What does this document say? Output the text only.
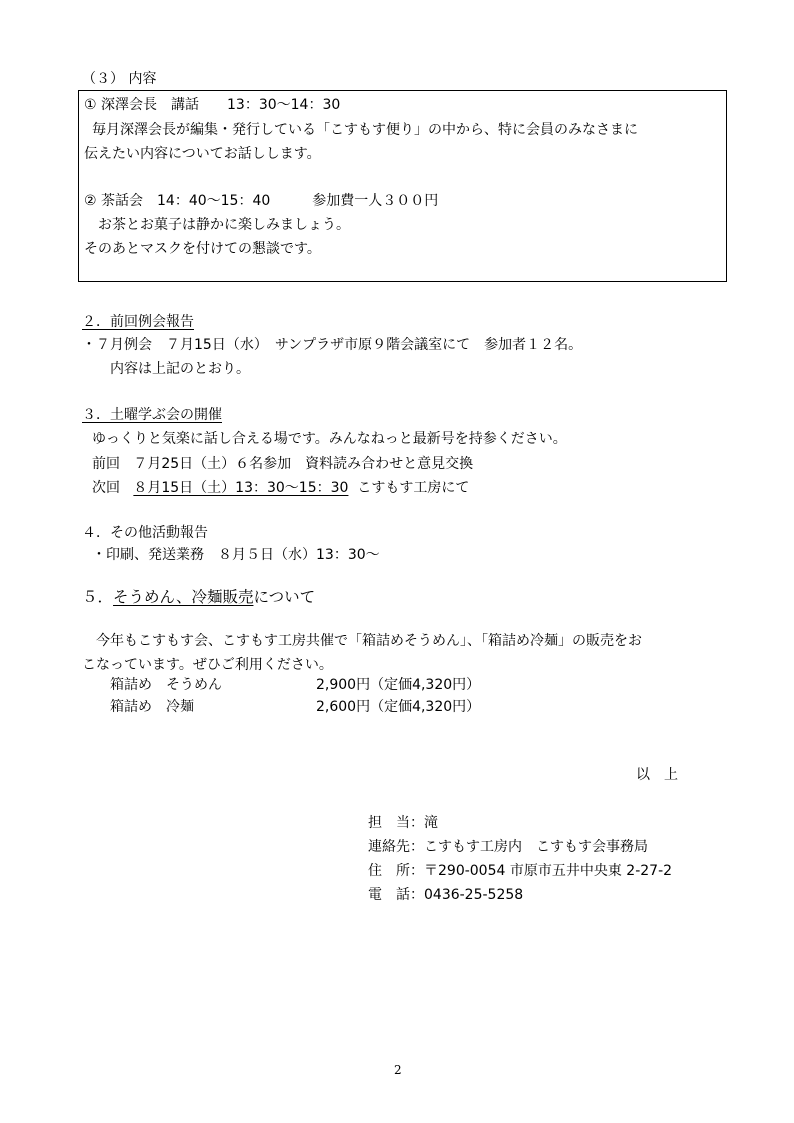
（３） 内容
① 深澤会長　講話　　13：30～14：30
毎月深澤会長が編集・発行している「こすもす便り」の中から、特に会員のみなさまに
伝えたい内容についてお話しします。
② 茶話会　14：40～15：40　　　参加費一人３００円
お茶とお菓子は静かに楽しみましょう。
そのあとマスクを付けての懇談です。
２．前回例会報告
・７月例会　７月15日（水）　サンプラザ市原９階会議室にて　参加者１２名。
内容は上記のとおり。
３．土曜学ぶ会の開催
ゆっくりと気楽に話し合える場です。みんなねっと最新号を持参ください。
前回 ７月25日（土）６名参加　資料読み合わせと意見交換
次回 ８月15日（土）13：30～15：30 こすもす工房にて
４．その他活動報告
・印刷、発送業務　８月５日（水）13：30～
５．そうめん、冷麺販売について
今年もこすもす会、こすもす工房共催で「箱詰めそうめん」、「箱詰め冷麺」の販売をお
こなっています。ぜひご利用ください。
箱詰め　そうめん	2,900円（定価4,320円）
箱詰め　冷麺	2,600円（定価4,320円）
以　上
担　当：滝
連絡先：こすもす工房内　こすもす会事務局
住　所：〒290-0054 市原市五井中央東 2-27-2
電　話：0436-25-5258
2
